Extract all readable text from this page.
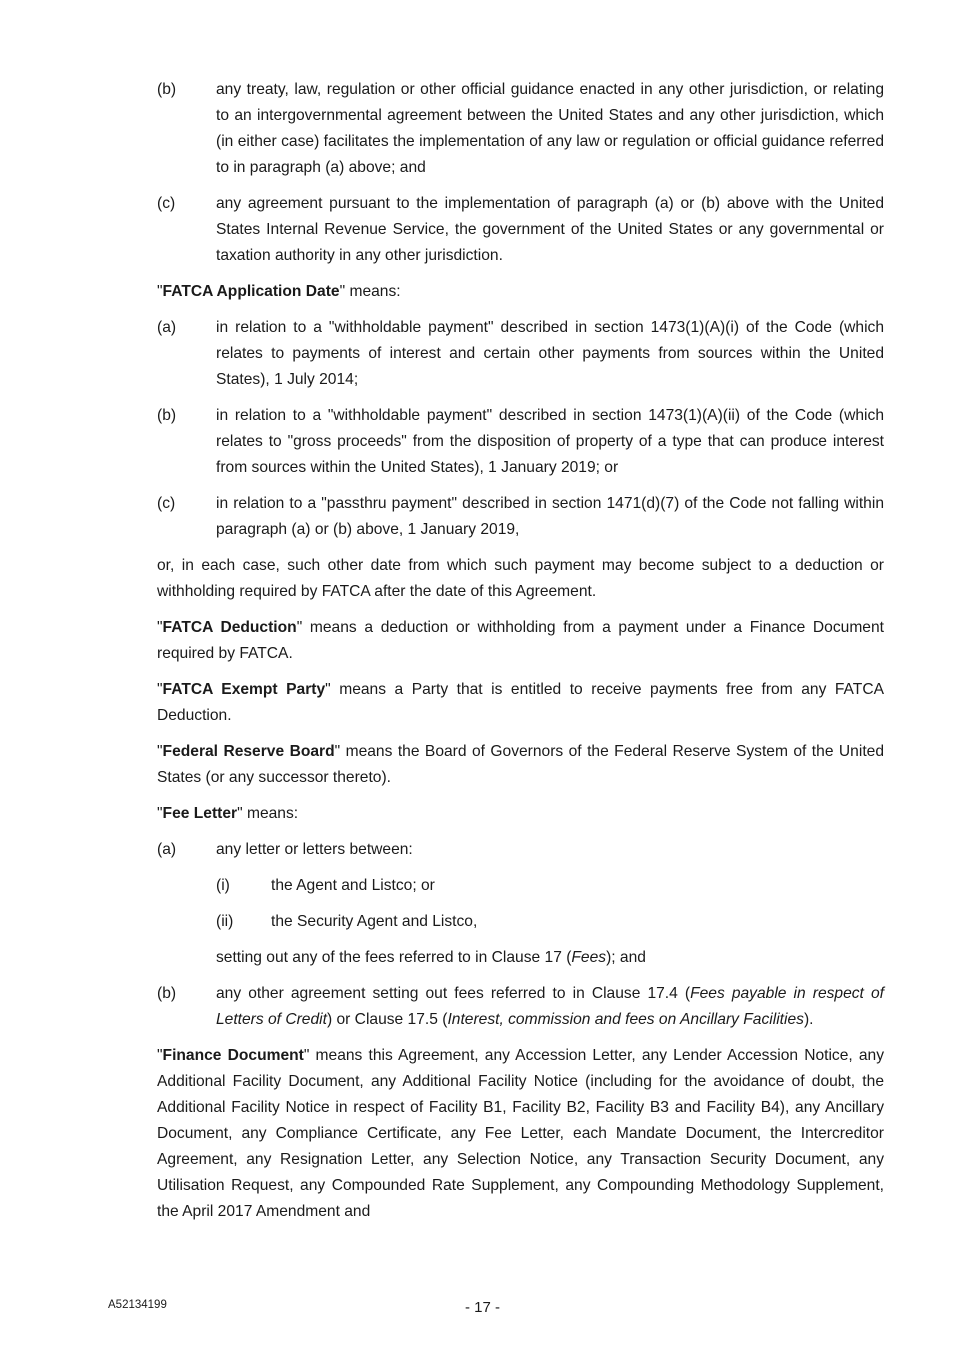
(b)	any treaty, law, regulation or other official guidance enacted in any other jurisdiction, or relating to an intergovernmental agreement between the United States and any other jurisdiction, which (in either case) facilitates the implementation of any law or regulation or official guidance referred to in paragraph (a) above; and
(c)	any agreement pursuant to the implementation of paragraph (a) or (b) above with the United States Internal Revenue Service, the government of the United States or any governmental or taxation authority in any other jurisdiction.

"FATCA Application Date" means:

(a)	in relation to a "withholdable payment" described in section 1473(1)(A)(i) of the Code (which relates to payments of interest and certain other payments from sources within the United States), 1 July 2014;
(b)	in relation to a "withholdable payment" described in section 1473(1)(A)(ii) of the Code (which relates to "gross proceeds" from the disposition of property of a type that can produce interest from sources within the United States), 1 January 2019; or
(c)	in relation to a "passthru payment" described in section 1471(d)(7) of the Code not falling within paragraph (a) or (b) above, 1 January 2019,

or, in each case, such other date from which such payment may become subject to a deduction or withholding required by FATCA after the date of this Agreement.

"FATCA Deduction" means a deduction or withholding from a payment under a Finance Document required by FATCA.

"FATCA Exempt Party" means a Party that is entitled to receive payments free from any FATCA Deduction.

"Federal Reserve Board" means the Board of Governors of the Federal Reserve System of the United States (or any successor thereto).

"Fee Letter" means:

(a)	any letter or letters between:
(i)	the Agent and Listco; or
(ii)	the Security Agent and Listco,
setting out any of the fees referred to in Clause 17 (Fees); and
(b)	any other agreement setting out fees referred to in Clause 17.4 (Fees payable in respect of Letters of Credit) or Clause 17.5 (Interest, commission and fees on Ancillary Facilities).

"Finance Document" means this Agreement, any Accession Letter, any Lender Accession Notice, any Additional Facility Document, any Additional Facility Notice (including for the avoidance of doubt, the Additional Facility Notice in respect of Facility B1, Facility B2, Facility B3 and Facility B4), any Ancillary Document, any Compliance Certificate, any Fee Letter, each Mandate Document, the Intercreditor Agreement, any Resignation Letter, any Selection Notice, any Transaction Security Document, any Utilisation Request, any Compounded Rate Supplement, any Compounding Methodology Supplement, the April 2017 Amendment and

A52134199	- 17 -
